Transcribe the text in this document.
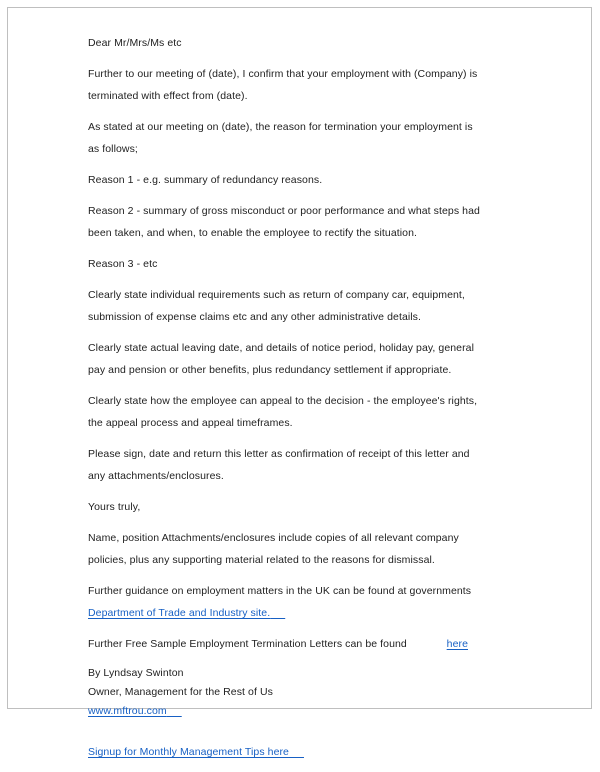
Dear Mr/Mrs/Ms etc

Further to our meeting of (date), I confirm that your employment with (Company) is terminated with effect from (date).

As stated at our meeting on (date), the reason for termination your employment is as follows;

Reason 1 - e.g. summary of redundancy reasons.

Reason 2 - summary of gross misconduct or poor performance and what steps had been taken, and when, to enable the employee to rectify the situation.

Reason 3 - etc

Clearly state individual requirements such as return of company car, equipment, submission of expense claims etc and any other administrative details.

Clearly state actual leaving date, and details of notice period, holiday pay, general pay and pension or other benefits, plus redundancy settlement if appropriate.

Clearly state how the employee can appeal to the decision - the employee's rights, the appeal process and appeal timeframes.

Please sign, date and return this letter as confirmation of receipt of this letter and any attachments/enclosures.

Yours truly,

Name, position Attachments/enclosures include copies of all relevant company policies, plus any supporting material related to the reasons for dismissal.

Further guidance on employment matters in the UK can be found at governments Department of Trade and Industry site.

Further Free Sample Employment Termination Letters can be found	here

By Lyndsay Swinton
Owner, Management for the Rest of Us
www.mftrou.com

Signup for Monthly Management Tips here
